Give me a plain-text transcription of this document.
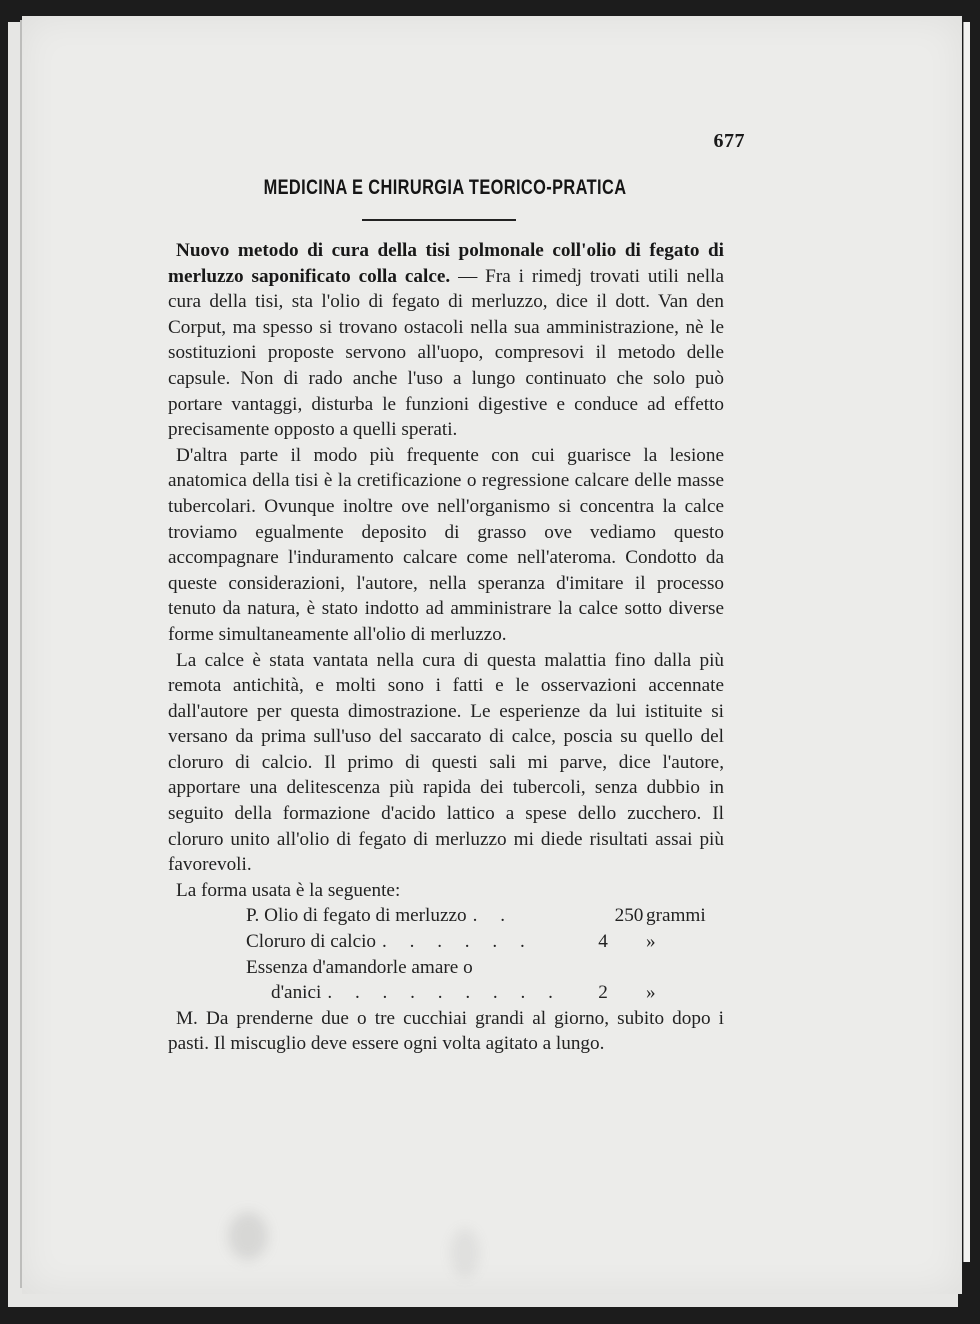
677
MEDICINA E CHIRURGIA TEORICO-PRATICA

Nuovo metodo di cura della tisi polmonale coll'olio di fegato di merluzzo saponificato colla calce. — Fra i rimedj trovati utili nella cura della tisi, sta l'olio di fegato di merluzzo, dice il dott. Van den Corput, ma spesso si trovano ostacoli nella sua amministrazione, nè le sostituzioni proposte servono all'uopo, compresovi il metodo delle capsule. Non di rado anche l'uso a lungo continuato che solo può portare vantaggi, disturba le funzioni digestive e conduce ad effetto precisamente opposto a quelli sperati.

D'altra parte il modo più frequente con cui guarisce la lesione anatomica della tisi è la cretificazione o regressione calcare delle masse tubercolari. Ovunque inoltre ove nell'organismo si concentra la calce troviamo egualmente deposito di grasso ove vediamo questo accompagnare l'induramento calcare come nell'ateroma. Condotto da queste considerazioni, l'autore, nella speranza d'imitare il processo tenuto da natura, è stato indotto ad amministrare la calce sotto diverse forme simultaneamente all'olio di merluzzo.

La calce è stata vantata nella cura di questa malattia fino dalla più remota antichità, e molti sono i fatti e le osservazioni accennate dall'autore per questa dimostrazione. Le esperienze da lui istituite si versano da prima sull'uso del saccarato di calce, poscia su quello del cloruro di calcio. Il primo di questi sali mi parve, dice l'autore, apportare una delitescenza più rapida dei tubercoli, senza dubbio in seguito della formazione d'acido lattico a spese dello zucchero. Il cloruro unito all'olio di fegato di merluzzo mi diede risultati assai più favorevoli.

La forma usata è la seguente:

P. Olio di fegato di merluzzo . .	250 grammi
Cloruro di calcio . . . . . .	4	»
Essenza d'amandorle amare o
d'anici . . . . . . . . .	2	»

M. Da prenderne due o tre cucchiai grandi al giorno, subito dopo i pasti. Il miscuglio deve essere ogni volta agitato a lungo.
